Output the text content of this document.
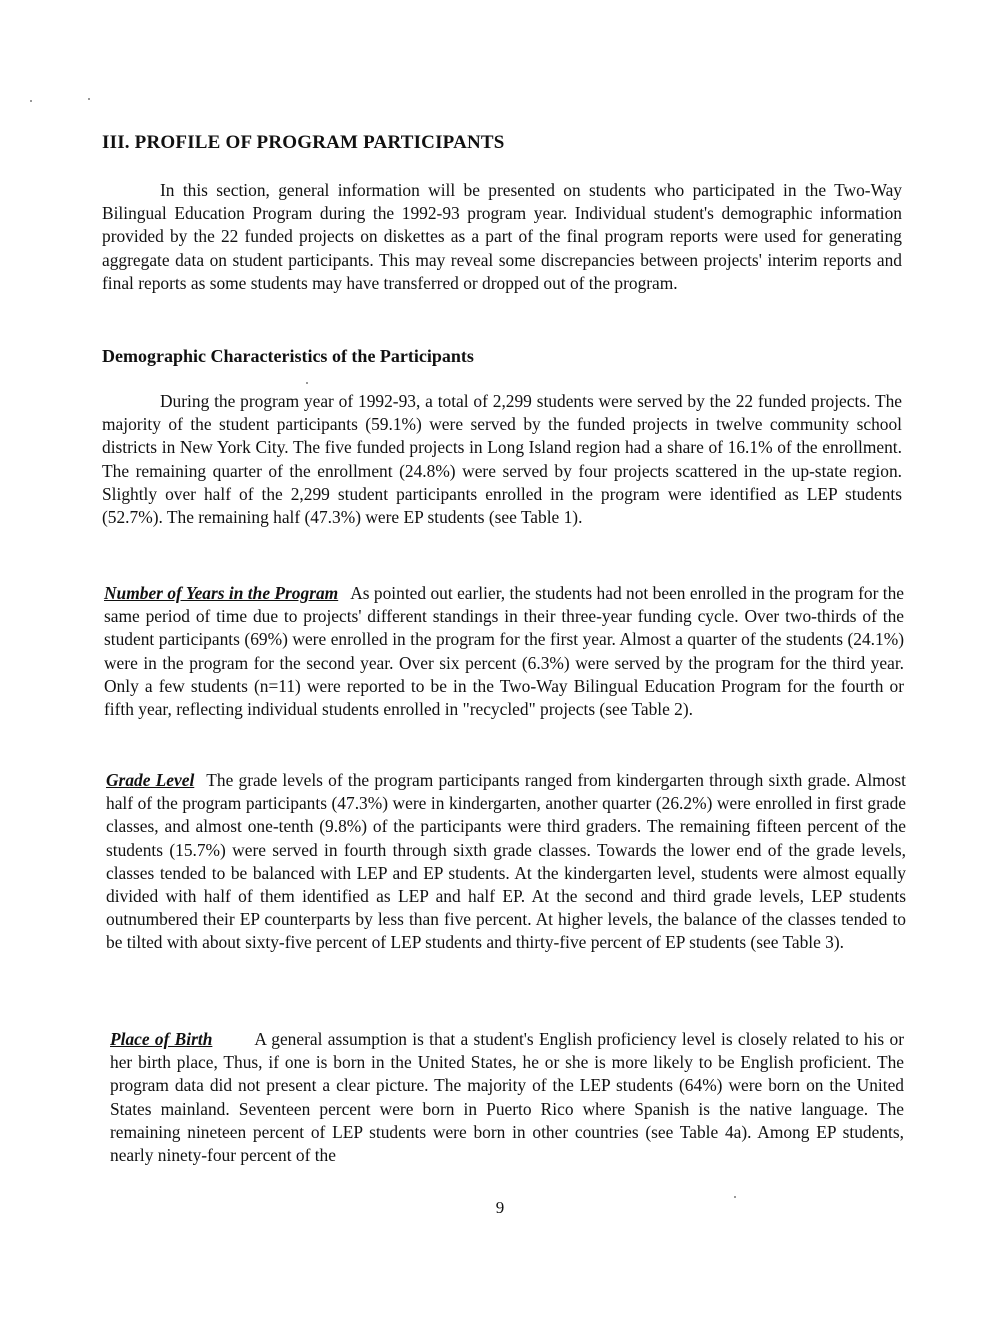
III. PROFILE OF PROGRAM PARTICIPANTS

In this section, general information will be presented on students who participated in the Two-Way Bilingual Education Program during the 1992-93 program year. Individual student's demographic information provided by the 22 funded projects on diskettes as a part of the final program reports were used for generating aggregate data on student participants. This may reveal some discrepancies between projects' interim reports and final reports as some students may have transferred or dropped out of the program.

Demographic Characteristics of the Participants

During the program year of 1992-93, a total of 2,299 students were served by the 22 funded projects. The majority of the student participants (59.1%) were served by the funded projects in twelve community school districts in New York City. The five funded projects in Long Island region had a share of 16.1% of the enrollment. The remaining quarter of the enrollment (24.8%) were served by four projects scattered in the up-state region. Slightly over half of the 2,299 student participants enrolled in the program were identified as LEP students (52.7%). The remaining half (47.3%) were EP students (see Table 1).

Number of Years in the Program As pointed out earlier, the students had not been enrolled in the program for the same period of time due to projects' different standings in their three-year funding cycle. Over two-thirds of the student participants (69%) were enrolled in the program for the first year. Almost a quarter of the students (24.1%) were in the program for the second year. Over six percent (6.3%) were served by the program for the third year. Only a few students (n=11) were reported to be in the Two-Way Bilingual Education Program for the fourth or fifth year, reflecting individual students enrolled in "recycled" projects (see Table 2).

Grade Level The grade levels of the program participants ranged from kindergarten through sixth grade. Almost half of the program participants (47.3%) were in kindergarten, another quarter (26.2%) were enrolled in first grade classes, and almost one-tenth (9.8%) of the participants were third graders. The remaining fifteen percent of the students (15.7%) were served in fourth through sixth grade classes. Towards the lower end of the grade levels, classes tended to be balanced with LEP and EP students. At the kindergarten level, students were almost equally divided with half of them identified as LEP and half EP. At the second and third grade levels, LEP students outnumbered their EP counterparts by less than five percent. At higher levels, the balance of the classes tended to be tilted with about sixty-five percent of LEP students and thirty-five percent of EP students (see Table 3).

Place of Birth A general assumption is that a student's English proficiency level is closely related to his or her birth place, Thus, if one is born in the United States, he or she is more likely to be English proficient. The program data did not present a clear picture. The majority of the LEP students (64%) were born on the United States mainland. Seventeen percent were born in Puerto Rico where Spanish is the native language. The remaining nineteen percent of LEP students were born in other countries (see Table 4a). Among EP students, nearly ninety-four percent of the

9
